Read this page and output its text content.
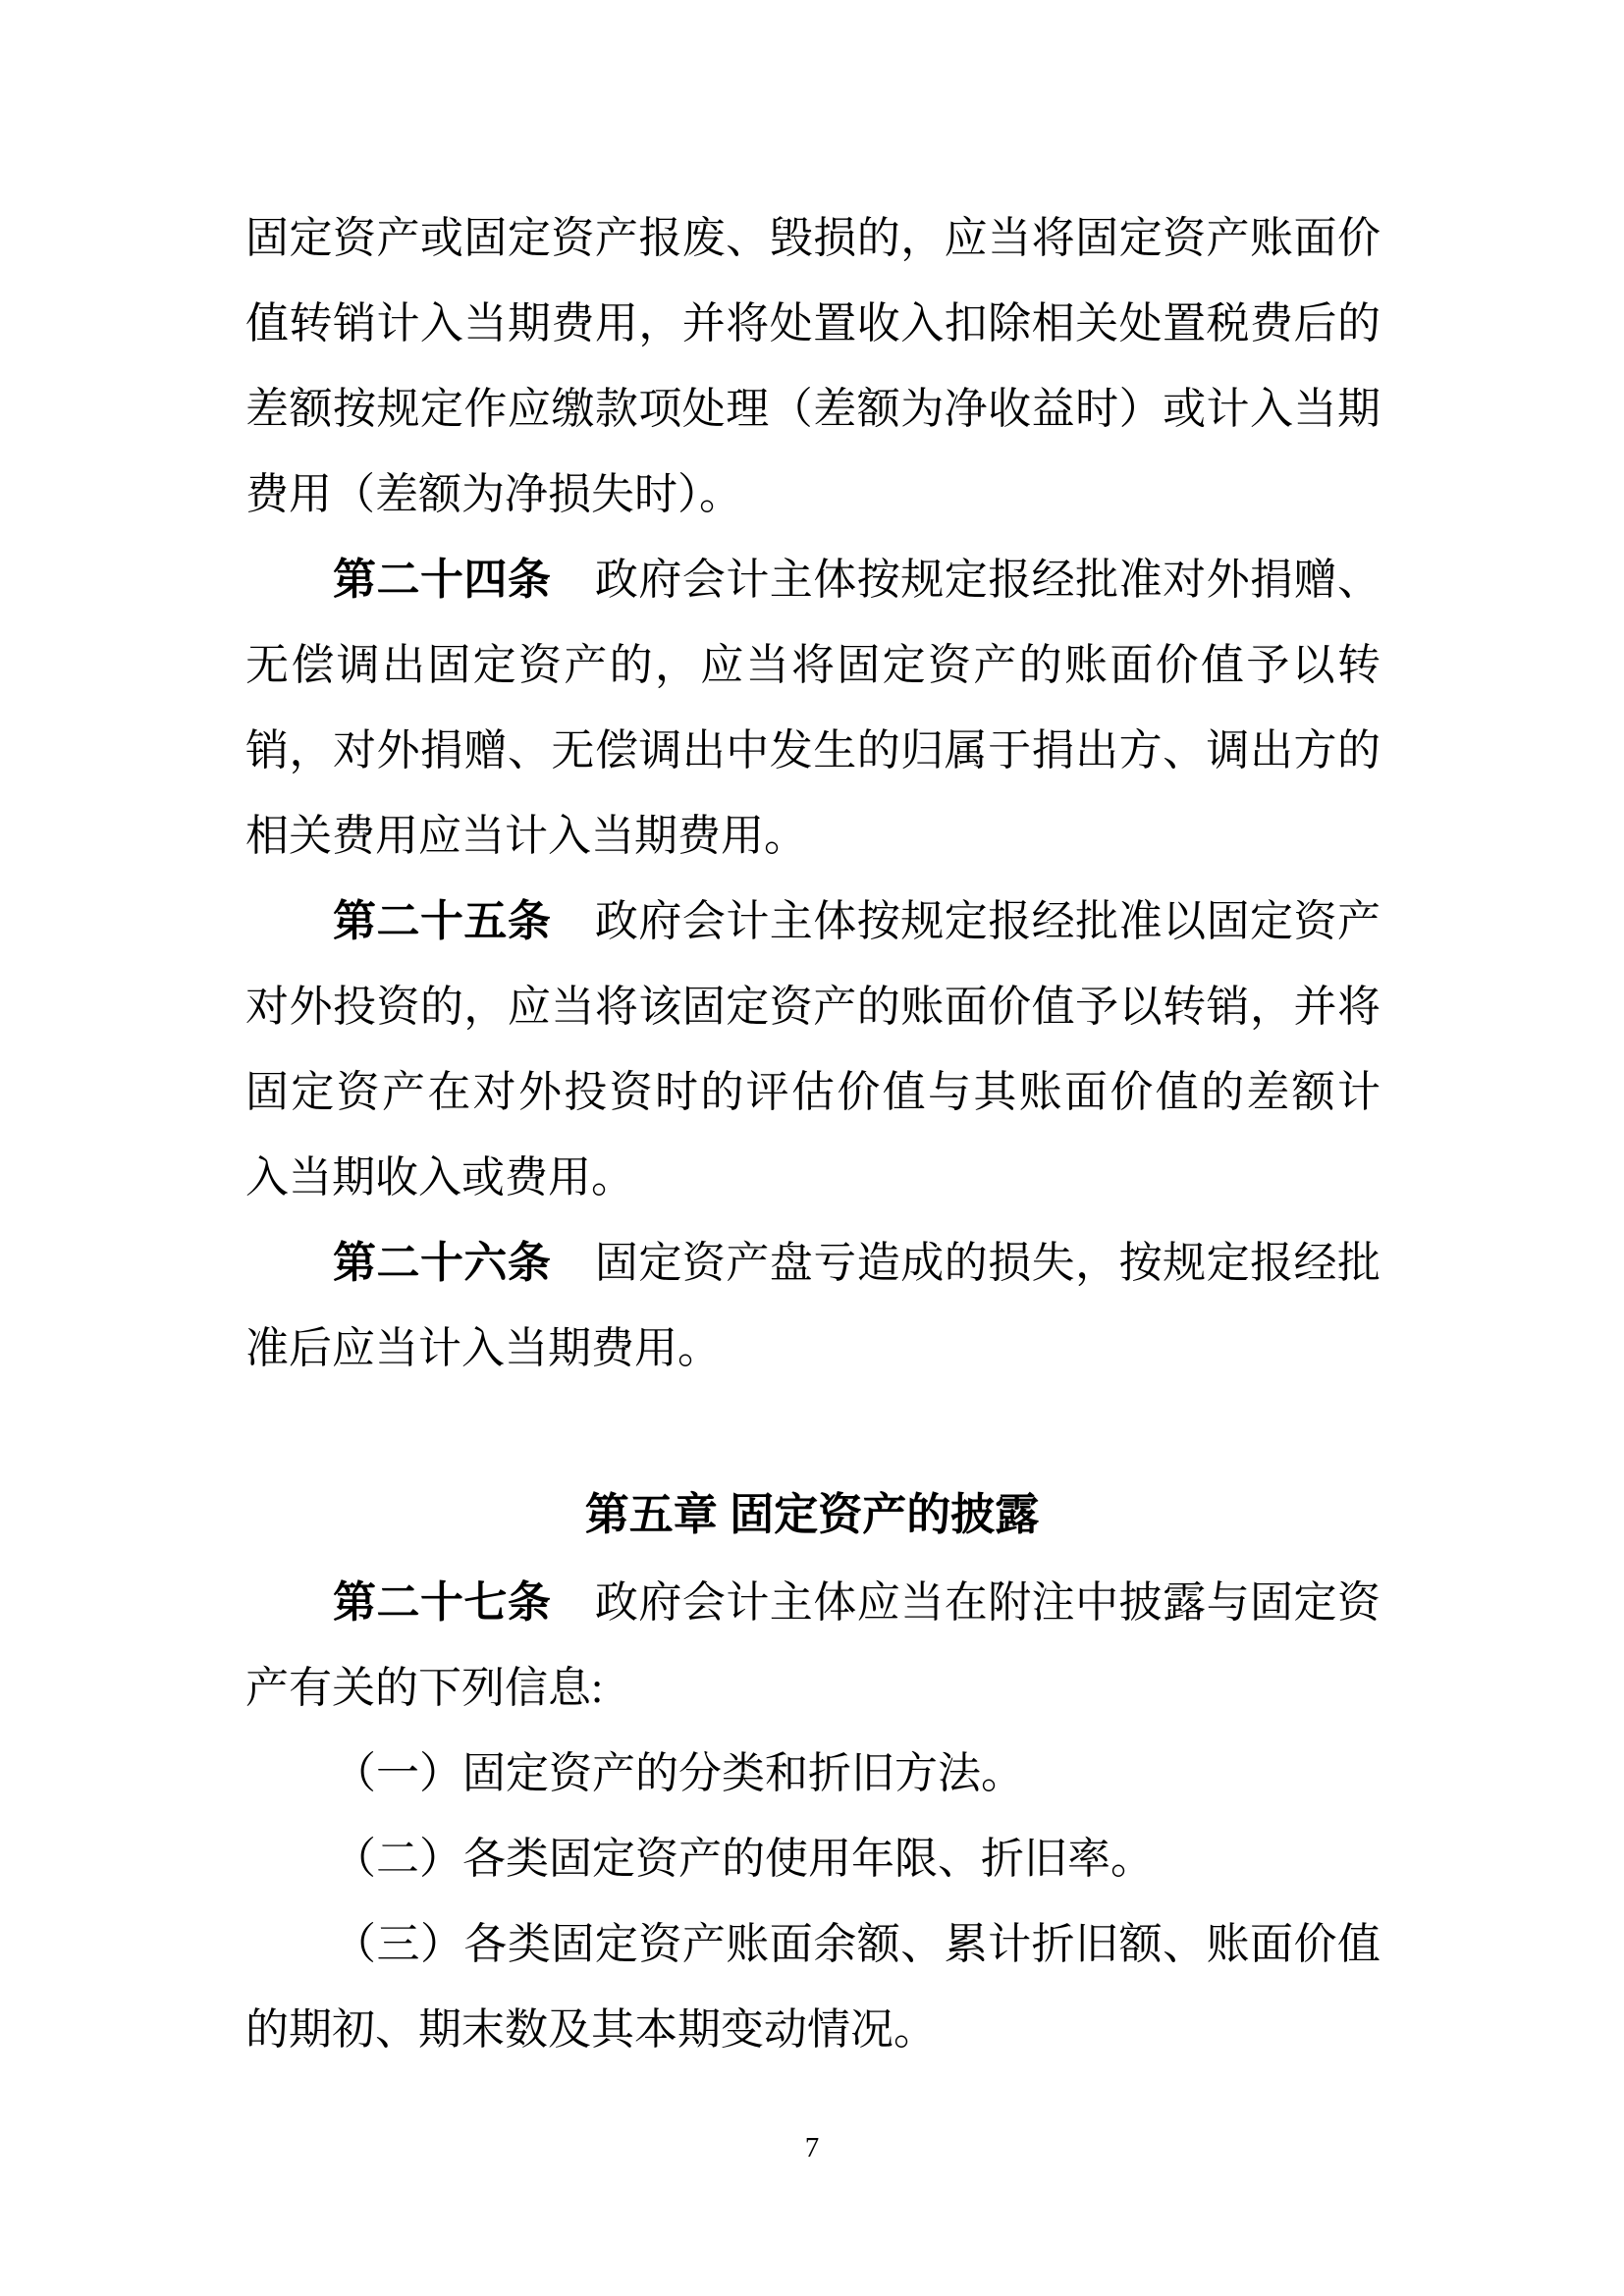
固定资产或固定资产报废、毁损的，应当将固定资产账面价
值转销计入当期费用，并将处置收入扣除相关处置税费后的
差额按规定作应缴款项处理（差额为净收益时）或计入当期
费用（差额为净损失时）。
第二十四条　政府会计主体按规定报经批准对外捐赠、
无偿调出固定资产的，应当将固定资产的账面价值予以转
销，对外捐赠、无偿调出中发生的归属于捐出方、调出方的
相关费用应当计入当期费用。
第二十五条　政府会计主体按规定报经批准以固定资产
对外投资的，应当将该固定资产的账面价值予以转销，并将
固定资产在对外投资时的评估价值与其账面价值的差额计
入当期收入或费用。
第二十六条　固定资产盘亏造成的损失，按规定报经批
准后应当计入当期费用。
第五章 固定资产的披露
第二十七条　政府会计主体应当在附注中披露与固定资
产有关的下列信息:
（一）固定资产的分类和折旧方法。
（二）各类固定资产的使用年限、折旧率。
（三）各类固定资产账面余额、累计折旧额、账面价值
的期初、期末数及其本期变动情况。
7
